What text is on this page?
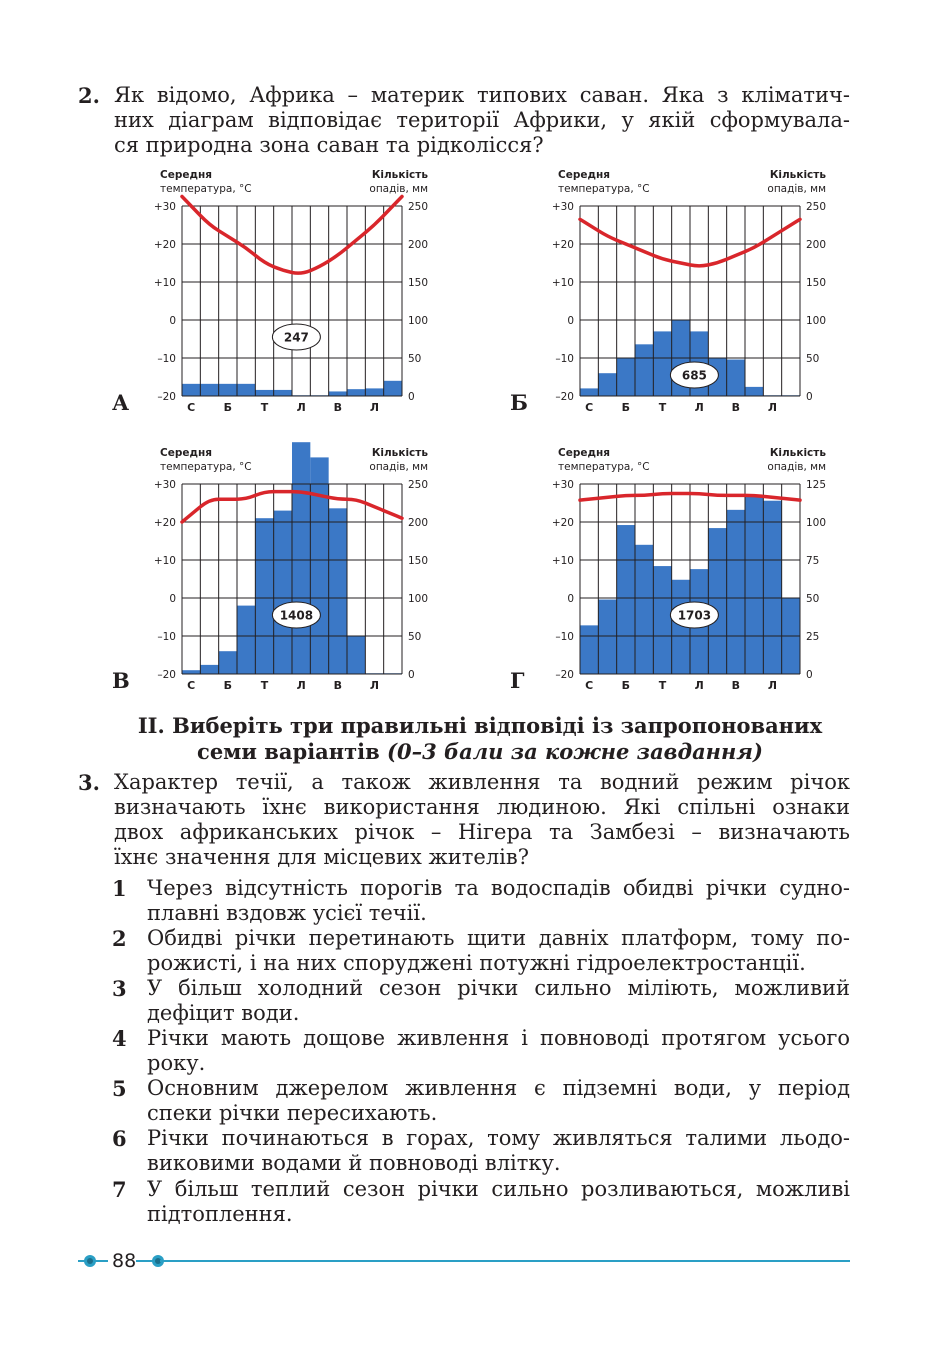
2. Як відомо, Африка – материк типових саван. Яка з кліматич-
них діаграм відповідає території Африки, у якій сформувала-
ся природна зона саван та рідколісся?
А
Середня
температура, °C
Кількість
опадів, мм
+30	250
+20	200
+10	150
0	100
–10	50
–20	0
С	Б	Т	Л	В	Л
247
Б
Середня
температура, °C
Кількість
опадів, мм
+30	250
+20	200
+10	150
0	100
–10	50
–20	0
С	Б	Т	Л	В	Л
685
В
Середня
температура, °C
Кількість
опадів, мм
+30	250
+20	200
+10	150
0	100
–10	50
–20	0
С	Б	Т	Л	В	Л
1408
Г
Середня
температура, °C
Кількість
опадів, мм
+30	125
+20	100
+10	75
0	50
–10	25
–20	0
С	Б	Т	Л	В	Л
1703
ІІ. Виберіть три правильні відповіді із запропонованих
семи варіантів (0–3 бали за кожне завдання)
3. Характер течії, а також живлення та водний режим річок
визначають їхнє використання людиною. Які спільні ознаки
двох африканських річок – Нігера та Замбезі – визначають
їхнє значення для місцевих жителів?
1 Через відсутність порогів та водоспадів обидві річки судно-
плавні вздовж усієї течії.
2 Обидві річки перетинають щити давніх платформ, тому по-
рожисті, і на них споруджені потужні гідроелектростанції.
3 У більш холодний сезон річки сильно міліють, можливий
дефіцит води.
4 Річки мають дощове живлення і повноводі протягом усього
року.
5 Основним джерелом живлення є підземні води, у період
спеки річки пересихають.
6 Річки починаються в горах, тому живляться талими льодо-
виковими водами й повноводі влітку.
7 У більш теплий сезон річки сильно розливаються, можливі
підтоплення.
88
